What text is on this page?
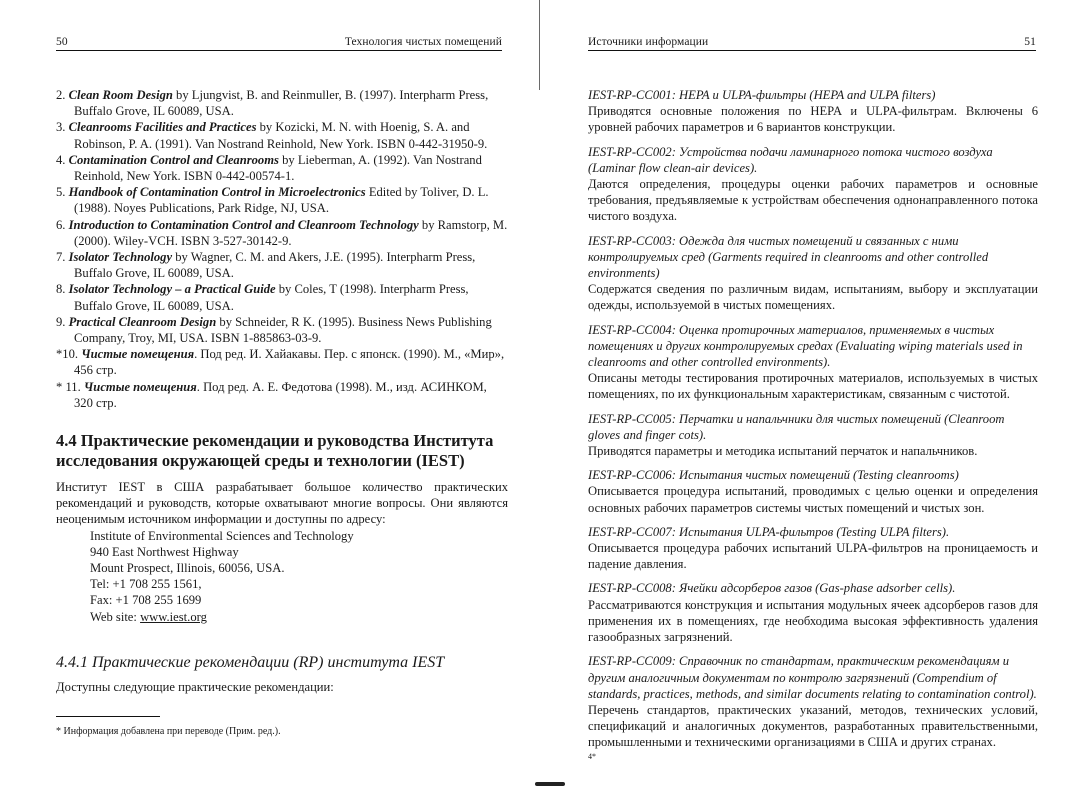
50	Технология чистых помещений
2. Clean Room Design by Ljungvist, B. and Reinmuller, B. (1997). Interpharm Press, Buffalo Grove, IL 60089, USA.
3. Cleanrooms Facilities and Practices by Kozicki, M. N. with Hoenig, S. A. and Robinson, P. A. (1991). Van Nostrand Reinhold, New York. ISBN 0-442-31950-9.
4. Contamination Control and Cleanrooms by Lieberman, A. (1992). Van Nostrand Reinhold, New York. ISBN 0-442-00574-1.
5. Handbook of Contamination Control in Microelectronics Edited by Toliver, D. L. (1988). Noyes Publications, Park Ridge, NJ, USA.
6. Introduction to Contamination Control and Cleanroom Technology by Ramstorp, M. (2000). Wiley-VCH. ISBN 3-527-30142-9.
7. Isolator Technology by Wagner, C. M. and Akers, J.E. (1995). Interpharm Press, Buffalo Grove, IL 60089, USA.
8. Isolator Technology – a Practical Guide by Coles, T (1998). Interpharm Press, Buffalo Grove, IL 60089, USA.
9. Practical Cleanroom Design by Schneider, R K. (1995). Business News Publishing Company, Troy, MI, USA. ISBN 1-885863-03-9.
*10. Чистые помещения. Под ред. И. Хайакавы. Пер. с японск. (1990). М., «Мир», 456 стр.
* 11. Чистые помещения. Под ред. А. Е. Федотова (1998). М., изд. АСИНКОМ, 320 стр.
4.4 Практические рекомендации и руководства Института исследования окружающей среды и технологии (IEST)

Институт IEST в США разрабатывает большое количество практических рекомендаций и руководств, которые охватывают многие вопросы. Они являются неоценимым источником информации и доступны по адресу:

Institute of Environmental Sciences and Technology
940 East Northwest Highway
Mount Prospect, Illinois, 60056, USA.
Tel: +1 708 255 1561,
Fax: +1 708 255 1699
Web site: www.iest.org
4.4.1 Практические рекомендации (RP) института IEST

Доступны следующие практические рекомендации:

* Информация добавлена при переводе (Прим. ред.).
Источники информации	51

IEST-RP-CC001: HEPA и ULPA-фильтры (HEPA and ULPA filters)

Приводятся основные положения по HEPA и ULPA-фильтрам. Включены 6 уровней рабочих параметров и 6 вариантов конструкции.

IEST-RP-CC002: Устройства подачи ламинарного потока чистого воздуха (Laminar flow clean-air devices).

Даются определения, процедуры оценки рабочих параметров и основные требования, предъявляемые к устройствам обеспечения однонаправленного потока чистого воздуха.

IEST-RP-CC003: Одежда для чистых помещений и связанных с ними контролируемых сред (Garments required in cleanrooms and other controlled environments)

Содержатся сведения по различным видам, испытаниям, выбору и эксплуатации одежды, используемой в чистых помещениях.

IEST-RP-CC004: Оценка протирочных материалов, применяемых в чистых помещениях и других контролируемых средах (Evaluating wiping materials used in cleanrooms and other controlled environments).

Описаны методы тестирования протирочных материалов, используемых в чистых помещениях, по их функциональным характеристикам, связанным с чистотой.

IEST-RP-CC005: Перчатки и напальчники для чистых помещений (Cleanroom gloves and finger cots).

Приводятся параметры и методика испытаний перчаток и напальчников.

IEST-RP-CC006: Испытания чистых помещений (Testing cleanrooms)

Описывается процедура испытаний, проводимых с целью оценки и определения основных рабочих параметров системы чистых помещений и чистых зон.

IEST-RP-CC007: Испытания ULPA-фильтров (Testing ULPA filters).

Описывается процедура рабочих испытаний ULPA-фильтров на проницаемость и падение давления.

IEST-RP-CC008: Ячейки адсорберов газов (Gas-phase adsorber cells).

Рассматриваются конструкция и испытания модульных ячеек адсорберов газов для применения их в помещениях, где необходима высокая эффективность удаления газообразных загрязнений.

IEST-RP-CC009: Справочник по стандартам, практическим рекомендациям и другим аналогичным документам по контролю загрязнений (Compendium of standards, practices, methods, and similar documents relating to contamination control).

Перечень стандартов, практических указаний, методов, технических условий, спецификаций и аналогичных документов, разработанных правительственными, промышленными и техническими организациями в США и других странах.

4*
